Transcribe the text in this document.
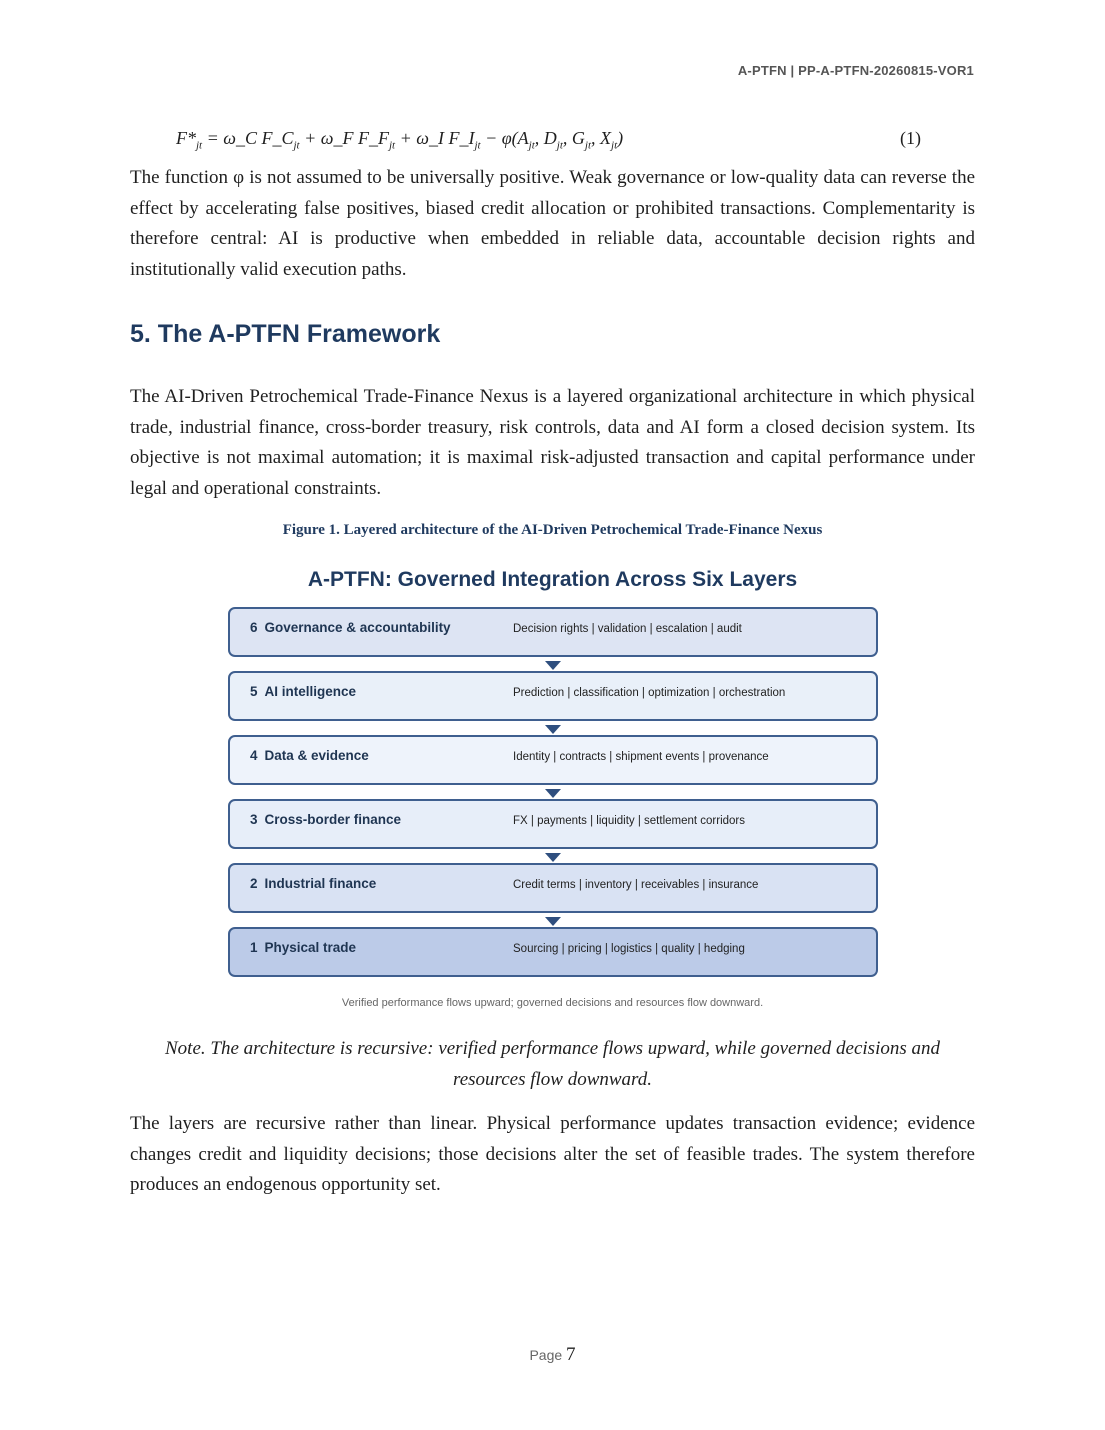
A-PTFN | PP-A-PTFN-20260815-VOR1
$F*_{jt}$ = ω_C $F\_C_{jt}$ + ω_F $F\_F_{jt}$ + ω_I $F\_I_{jt} - \varphi(A_{jt}$, $D_{jt}$, $G_{jt}$, $X_{jt}$)	(1)

The function φ is not assumed to be universally positive. Weak governance or low-quality data can reverse the effect by accelerating false positives, biased credit allocation or prohibited transactions. Complementarity is therefore central: AI is productive when embedded in reliable data, accountable decision rights and institutionally valid execution paths.

5. The A-PTFN Framework

The AI-Driven Petrochemical Trade-Finance Nexus is a layered organizational architecture in which physical trade, industrial finance, cross-border treasury, risk controls, data and AI form a closed decision system. Its objective is not maximal automation; it is maximal risk-adjusted transaction and capital performance under legal and operational constraints.

Figure 1. Layered architecture of the AI-Driven Petrochemical Trade-Finance Nexus
A-PTFN: Governed Integration Across Six Layers
6 Governance & accountability	Decision rights | validation | escalation | audit
5 AI intelligence	Prediction | classification | optimization | orchestration
4 Data & evidence	Identity | contracts | shipment events | provenance
3 Cross-border finance	FX | payments | liquidity | settlement corridors
2 Industrial finance	Credit terms | inventory | receivables | insurance
1 Physical trade	Sourcing | pricing | logistics | quality | hedging
Verified performance flows upward; governed decisions and resources flow downward.

Note. The architecture is recursive: verified performance flows upward, while governed decisions and resources flow downward.

The layers are recursive rather than linear. Physical performance updates transaction evidence; evidence changes credit and liquidity decisions; those decisions alter the set of feasible trades. The system therefore produces an endogenous opportunity set.

Page 7
